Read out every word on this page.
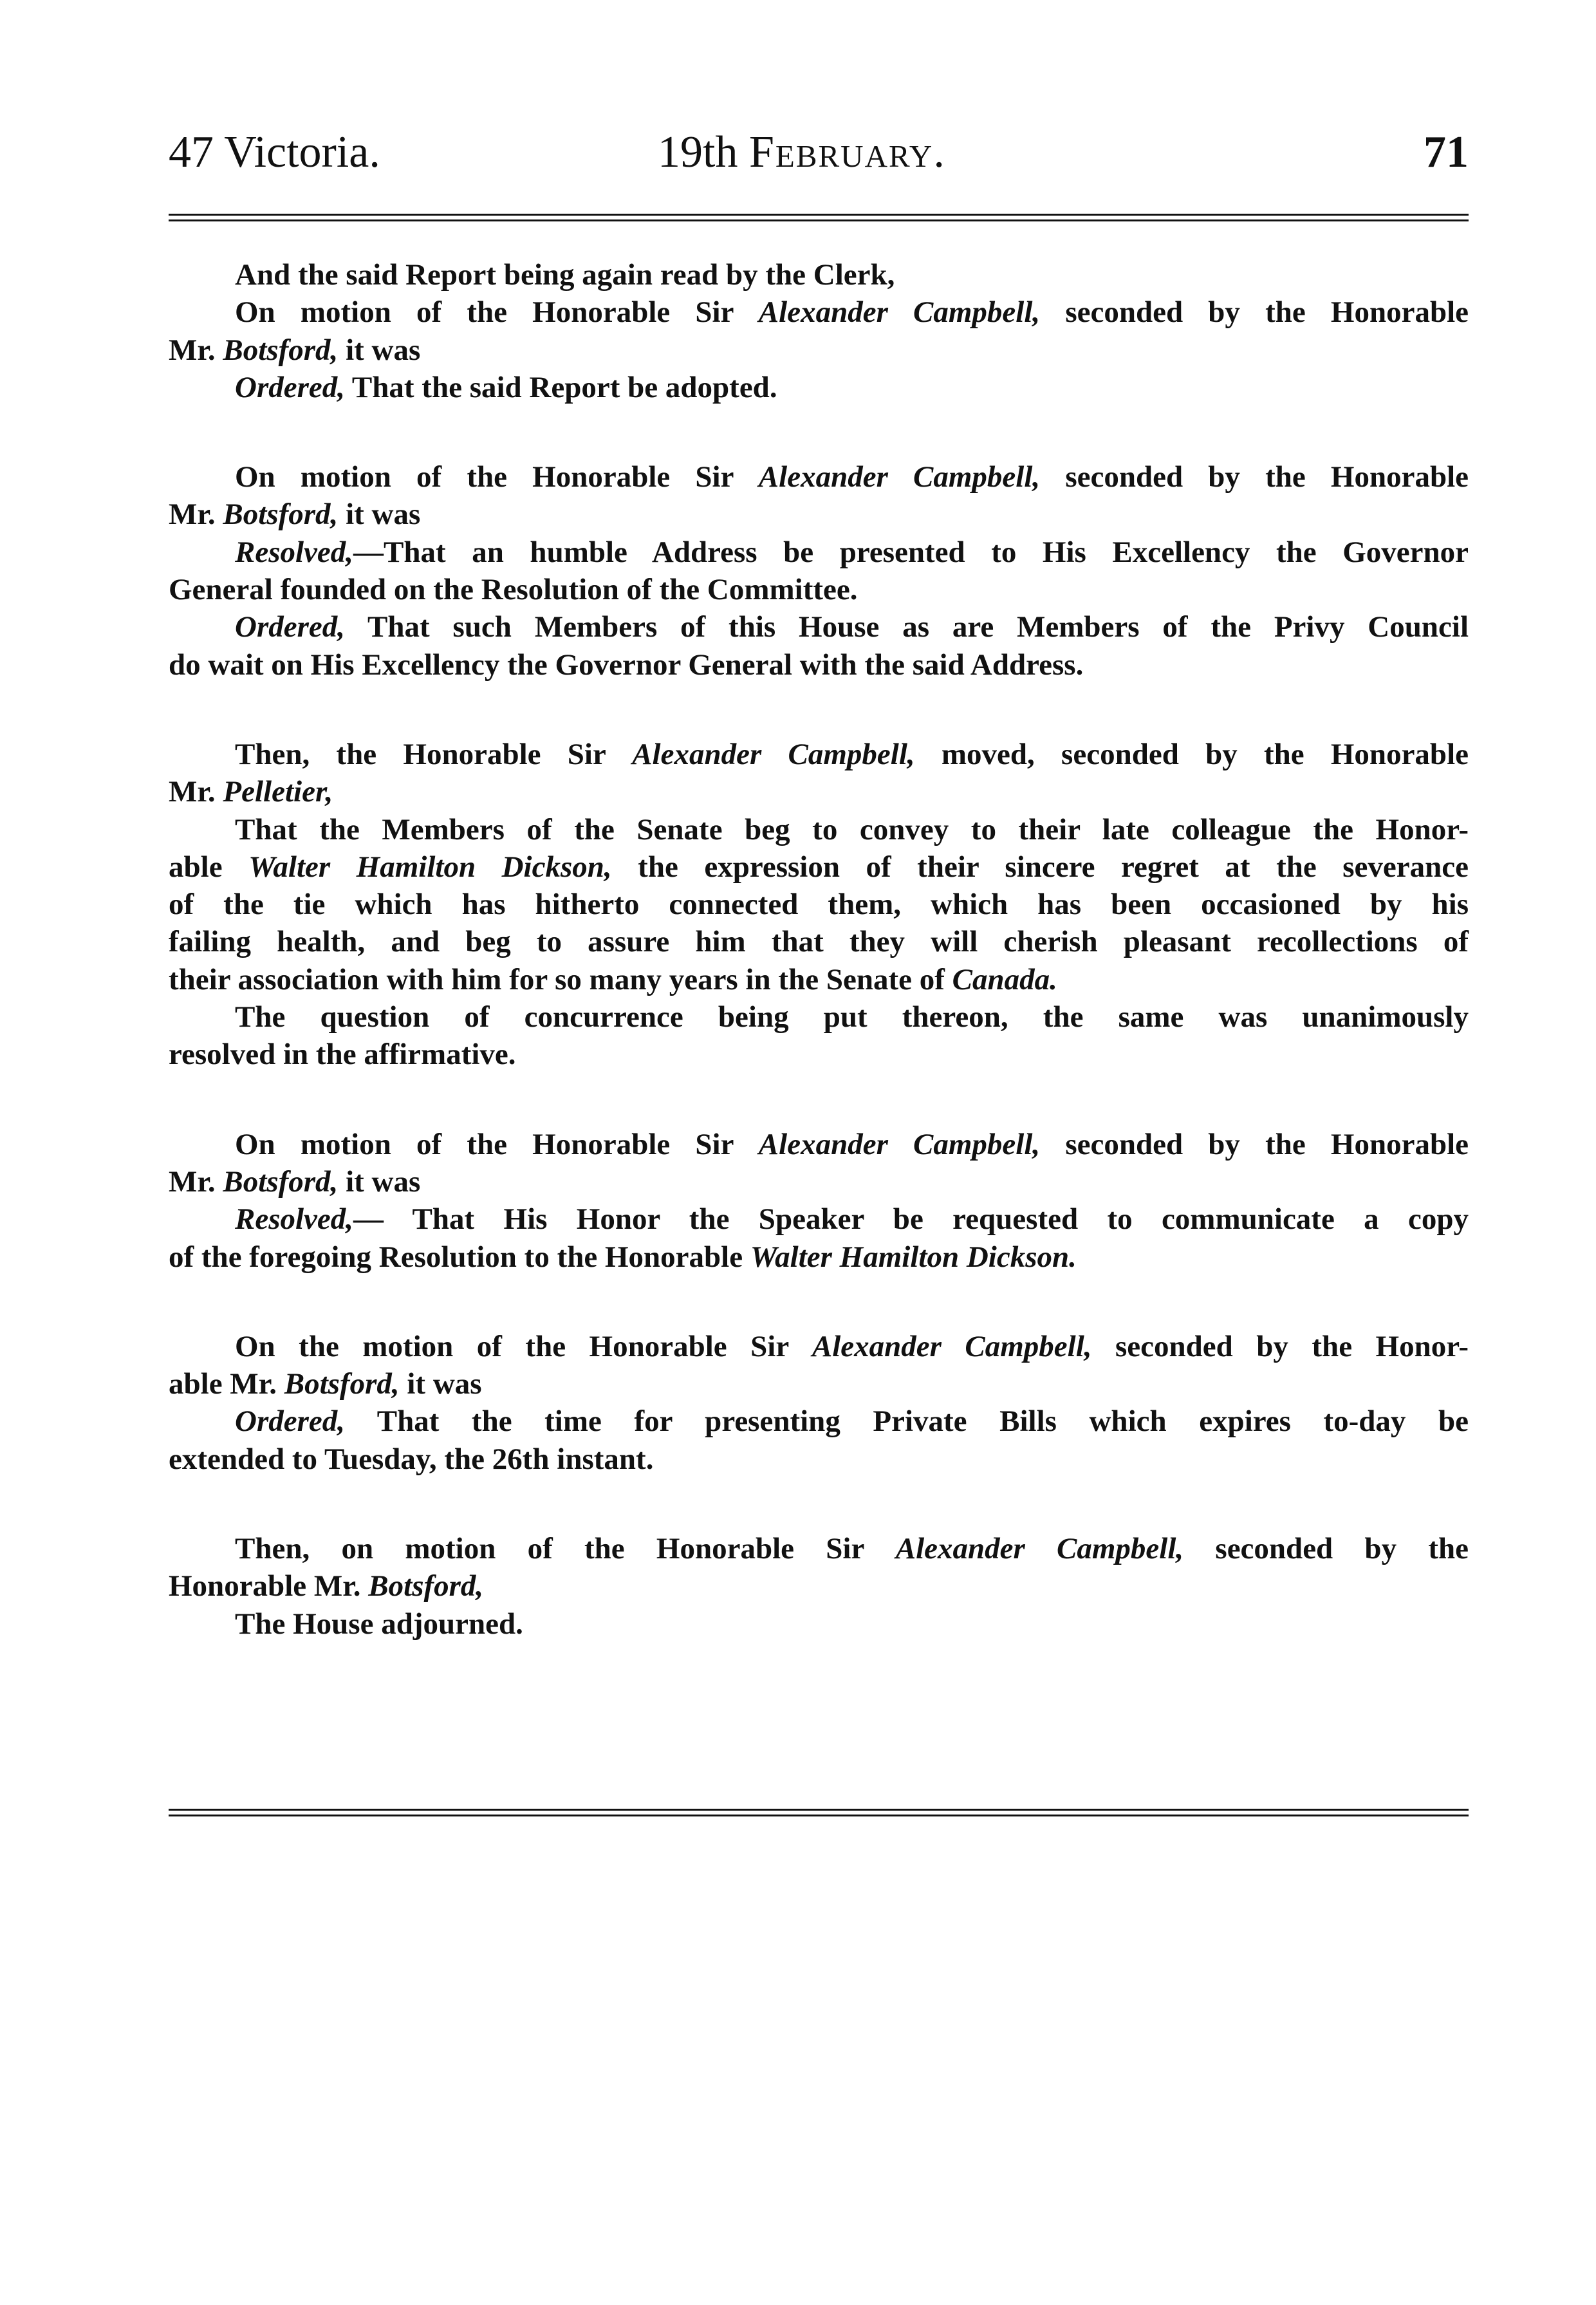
47 Victoria.	19th February.	71
And the said Report being again read by the Clerk,
On motion of the Honorable Sir Alexander Campbell, seconded by the Honorable
Mr. Botsford, it was
Ordered, That the said Report be adopted.
On motion of the Honorable Sir Alexander Campbell, seconded by the Honorable
Mr. Botsford, it was
Resolved,—That an humble Address be presented to His Excellency the Governor
General founded on the Resolution of the Committee.
Ordered, That such Members of this House as are Members of the Privy Council
do wait on His Excellency the Governor General with the said Address.
Then, the Honorable Sir Alexander Campbell, moved, seconded by the Honorable
Mr. Pelletier,
That the Members of the Senate beg to convey to their late colleague the Honor-
able Walter Hamilton Dickson, the expression of their sincere regret at the severance
of the tie which has hitherto connected them, which has been occasioned by his
failing health, and beg to assure him that they will cherish pleasant recollections of
their association with him for so many years in the Senate of Canada.
The question of concurrence being put thereon, the same was unanimously
resolved in the affirmative.
On motion of the Honorable Sir Alexander Campbell, seconded by the Honorable
Mr. Botsford, it was
Resolved,— That His Honor the Speaker be requested to communicate a copy
of the foregoing Resolution to the Honorable Walter Hamilton Dickson.
On the motion of the Honorable Sir Alexander Campbell, seconded by the Honor-
able Mr. Botsford, it was
Ordered, That the time for presenting Private Bills which expires to-day be
extended to Tuesday, the 26th instant.
Then, on motion of the Honorable Sir Alexander Campbell, seconded by the
Honorable Mr. Botsford,
The House adjourned.
